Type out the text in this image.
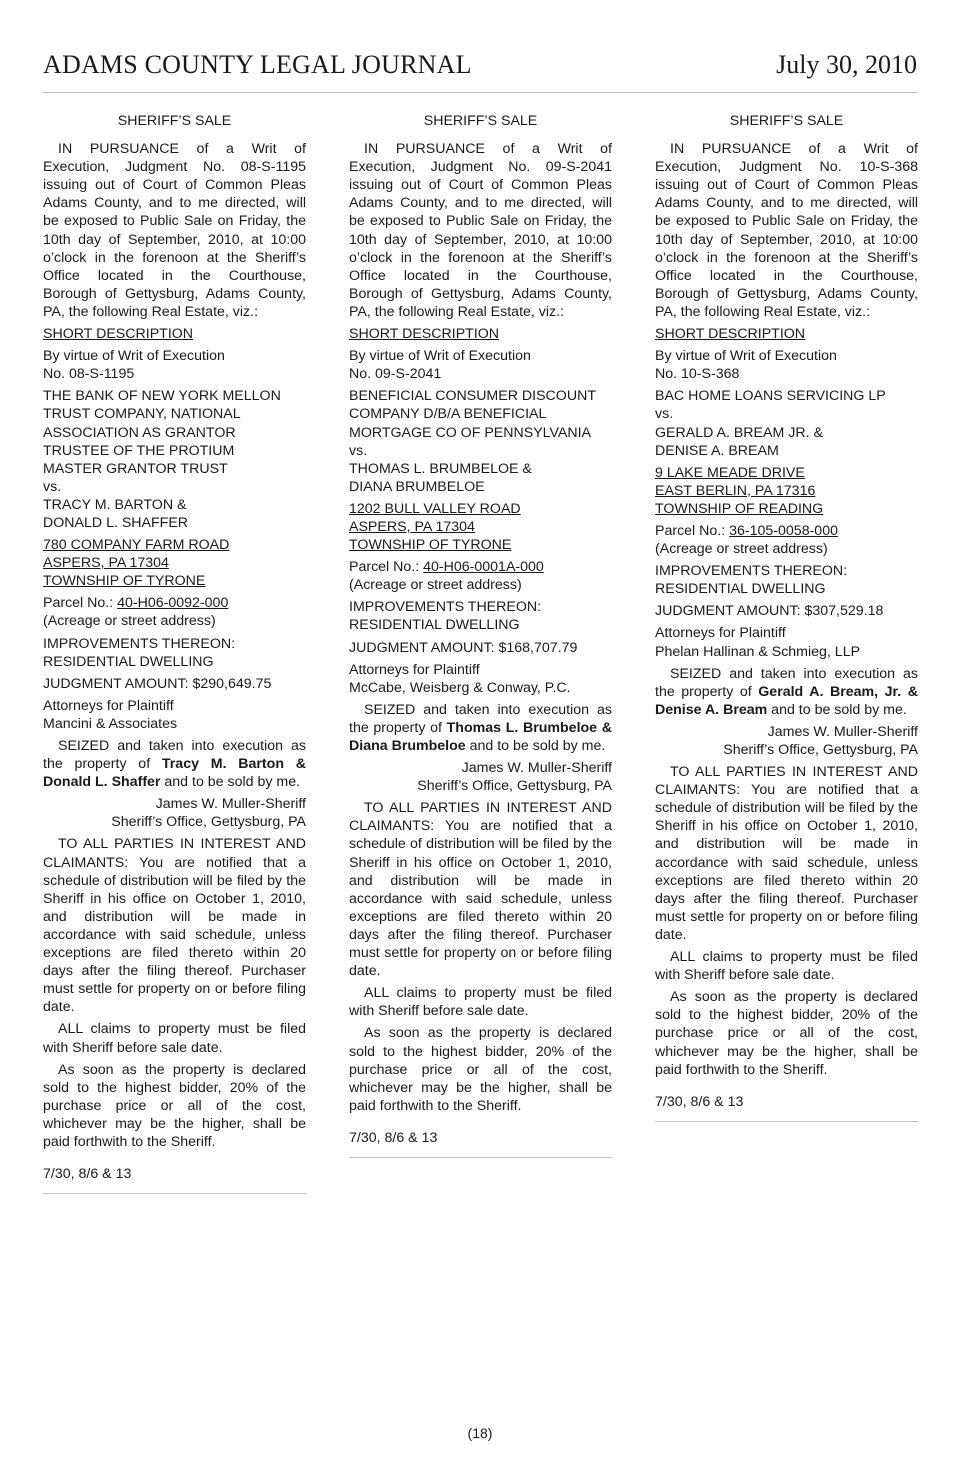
ADAMS COUNTY LEGAL JOURNAL	July 30, 2010
SHERIFF’S SALE

IN PURSUANCE of a Writ of Execution, Judgment No. 08-S-1195 issuing out of Court of Common Pleas Adams County, and to me directed, will be exposed to Public Sale on Friday, the 10th day of September, 2010, at 10:00 o’clock in the forenoon at the Sheriff’s Office located in the Courthouse, Borough of Gettysburg, Adams County, PA, the following Real Estate, viz.:

SHORT DESCRIPTION

By virtue of Writ of Execution
No. 08-S-1195
THE BANK OF NEW YORK MELLON
TRUST COMPANY, NATIONAL
ASSOCIATION AS GRANTOR
TRUSTEE OF THE PROTIUM
MASTER GRANTOR TRUST
vs.
TRACY M. BARTON &
DONALD L. SHAFFER
780 COMPANY FARM ROAD
ASPERS, PA 17304
TOWNSHIP OF TYRONE
Parcel No.: 40-H06-0092-000
(Acreage or street address)
IMPROVEMENTS THEREON:
RESIDENTIAL DWELLING

JUDGMENT AMOUNT: $290,649.75

Attorneys for Plaintiff
Mancini & Associates

SEIZED and taken into execution as the property of Tracy M. Barton & Donald L. Shaffer and to be sold by me.

James W. Muller-Sheriff
Sheriff’s Office, Gettysburg, PA

TO ALL PARTIES IN INTEREST AND CLAIMANTS: You are notified that a schedule of distribution will be filed by the Sheriff in his office on October 1, 2010, and distribution will be made in accordance with said schedule, unless exceptions are filed thereto within 20 days after the filing thereof. Purchaser must settle for property on or before filing date.

ALL claims to property must be filed with Sheriff before sale date.

As soon as the property is declared sold to the highest bidder, 20% of the purchase price or all of the cost, whichever may be the higher, shall be paid forthwith to the Sheriff.

7/30, 8/6 & 13
SHERIFF’S SALE

IN PURSUANCE of a Writ of Execution, Judgment No. 09-S-2041 issuing out of Court of Common Pleas Adams County, and to me directed, will be exposed to Public Sale on Friday, the 10th day of September, 2010, at 10:00 o’clock in the forenoon at the Sheriff’s Office located in the Courthouse, Borough of Gettysburg, Adams County, PA, the following Real Estate, viz.:

SHORT DESCRIPTION

By virtue of Writ of Execution
No. 09-S-2041
BENEFICIAL CONSUMER DISCOUNT
COMPANY D/B/A BENEFICIAL
MORTGAGE CO OF PENNSYLVANIA
vs.
THOMAS L. BRUMBELOE &
DIANA BRUMBELOE
1202 BULL VALLEY ROAD
ASPERS, PA 17304
TOWNSHIP OF TYRONE
Parcel No.: 40-H06-0001A-000
(Acreage or street address)
IMPROVEMENTS THEREON:
RESIDENTIAL DWELLING

JUDGMENT AMOUNT: $168,707.79

Attorneys for Plaintiff
McCabe, Weisberg & Conway, P.C.

SEIZED and taken into execution as the property of Thomas L. Brumbeloe & Diana Brumbeloe and to be sold by me.

James W. Muller-Sheriff
Sheriff’s Office, Gettysburg, PA

TO ALL PARTIES IN INTEREST AND CLAIMANTS: You are notified that a schedule of distribution will be filed by the Sheriff in his office on October 1, 2010, and distribution will be made in accordance with said schedule, unless exceptions are filed thereto within 20 days after the filing thereof. Purchaser must settle for property on or before filing date.

ALL claims to property must be filed with Sheriff before sale date.

As soon as the property is declared sold to the highest bidder, 20% of the purchase price or all of the cost, whichever may be the higher, shall be paid forthwith to the Sheriff.

7/30, 8/6 & 13
SHERIFF’S SALE

IN PURSUANCE of a Writ of Execution, Judgment No. 10-S-368 issuing out of Court of Common Pleas Adams County, and to me directed, will be exposed to Public Sale on Friday, the 10th day of September, 2010, at 10:00 o’clock in the forenoon at the Sheriff’s Office located in the Courthouse, Borough of Gettysburg, Adams County, PA, the following Real Estate, viz.:

SHORT DESCRIPTION

By virtue of Writ of Execution
No. 10-S-368
BAC HOME LOANS SERVICING LP
vs.
GERALD A. BREAM JR. &
DENISE A. BREAM
9 LAKE MEADE DRIVE
EAST BERLIN, PA 17316
TOWNSHIP OF READING
Parcel No.: 36-105-0058-000
(Acreage or street address)
IMPROVEMENTS THEREON:
RESIDENTIAL DWELLING

JUDGMENT AMOUNT: $307,529.18

Attorneys for Plaintiff
Phelan Hallinan & Schmieg, LLP

SEIZED and taken into execution as the property of Gerald A. Bream, Jr. & Denise A. Bream and to be sold by me.

James W. Muller-Sheriff
Sheriff’s Office, Gettysburg, PA

TO ALL PARTIES IN INTEREST AND CLAIMANTS: You are notified that a schedule of distribution will be filed by the Sheriff in his office on October 1, 2010, and distribution will be made in accordance with said schedule, unless exceptions are filed thereto within 20 days after the filing thereof. Purchaser must settle for property on or before filing date.

ALL claims to property must be filed with Sheriff before sale date.

As soon as the property is declared sold to the highest bidder, 20% of the purchase price or all of the cost, whichever may be the higher, shall be paid forthwith to the Sheriff.

7/30, 8/6 & 13
(18)
